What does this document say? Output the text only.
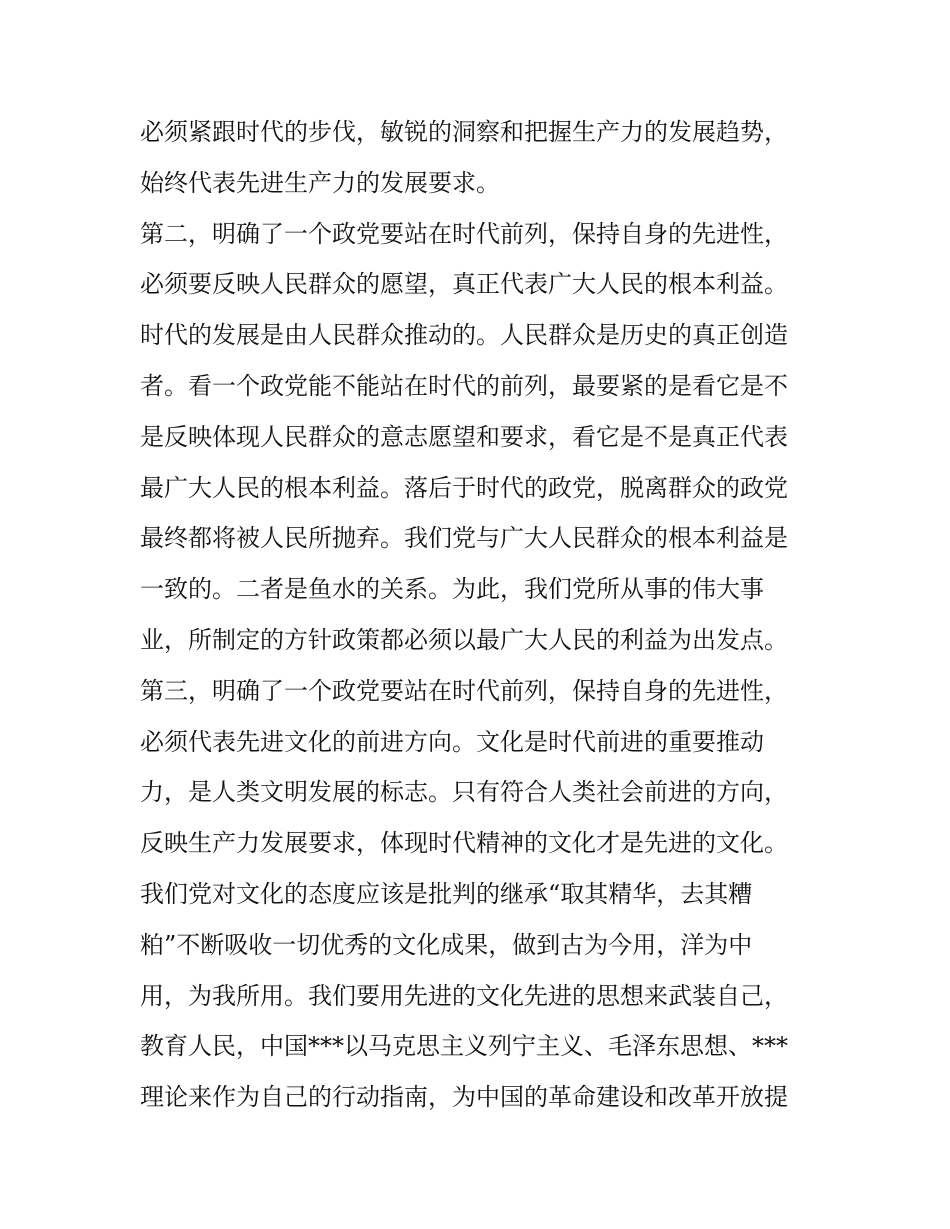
必须紧跟时代的步伐，敏锐的洞察和把握生产力的发展趋势，
始终代表先进生产力的发展要求。
第二，明确了一个政党要站在时代前列，保持自身的先进性，
必须要反映人民群众的愿望，真正代表广大人民的根本利益。
时代的发展是由人民群众推动的。人民群众是历史的真正创造
者。看一个政党能不能站在时代的前列，最要紧的是看它是不
是反映体现人民群众的意志愿望和要求，看它是不是真正代表
最广大人民的根本利益。落后于时代的政党，脱离群众的政党
最终都将被人民所抛弃。我们党与广大人民群众的根本利益是
一致的。二者是鱼水的关系。为此，我们党所从事的伟大事
业，所制定的方针政策都必须以最广大人民的利益为出发点。
第三，明确了一个政党要站在时代前列，保持自身的先进性，
必须代表先进文化的前进方向。文化是时代前进的重要推动
力，是人类文明发展的标志。只有符合人类社会前进的方向，
反映生产力发展要求，体现时代精神的文化才是先进的文化。
我们党对文化的态度应该是批判的继承“取其精华，去其糟
粕”不断吸收一切优秀的文化成果，做到古为今用，洋为中
用，为我所用。我们要用先进的文化先进的思想来武装自己，
教育人民，中国***以马克思主义列宁主义、毛泽东思想、***
理论来作为自己的行动指南，为中国的革命建设和改革开放提
